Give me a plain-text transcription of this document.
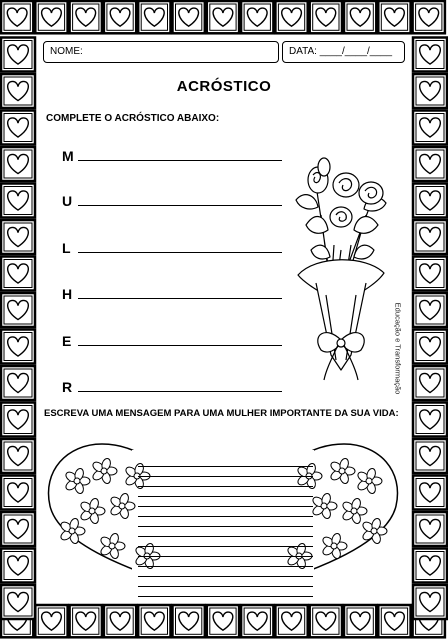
NOME:	DATA: ____/____/____
ACRÓSTICO
COMPLETE O ACRÓSTICO ABAIXO:
M
U
L
H
E
R	Educação e Transformação
ESCREVA UMA MENSAGEM PARA UMA MULHER IMPORTANTE DA SUA VIDA:
